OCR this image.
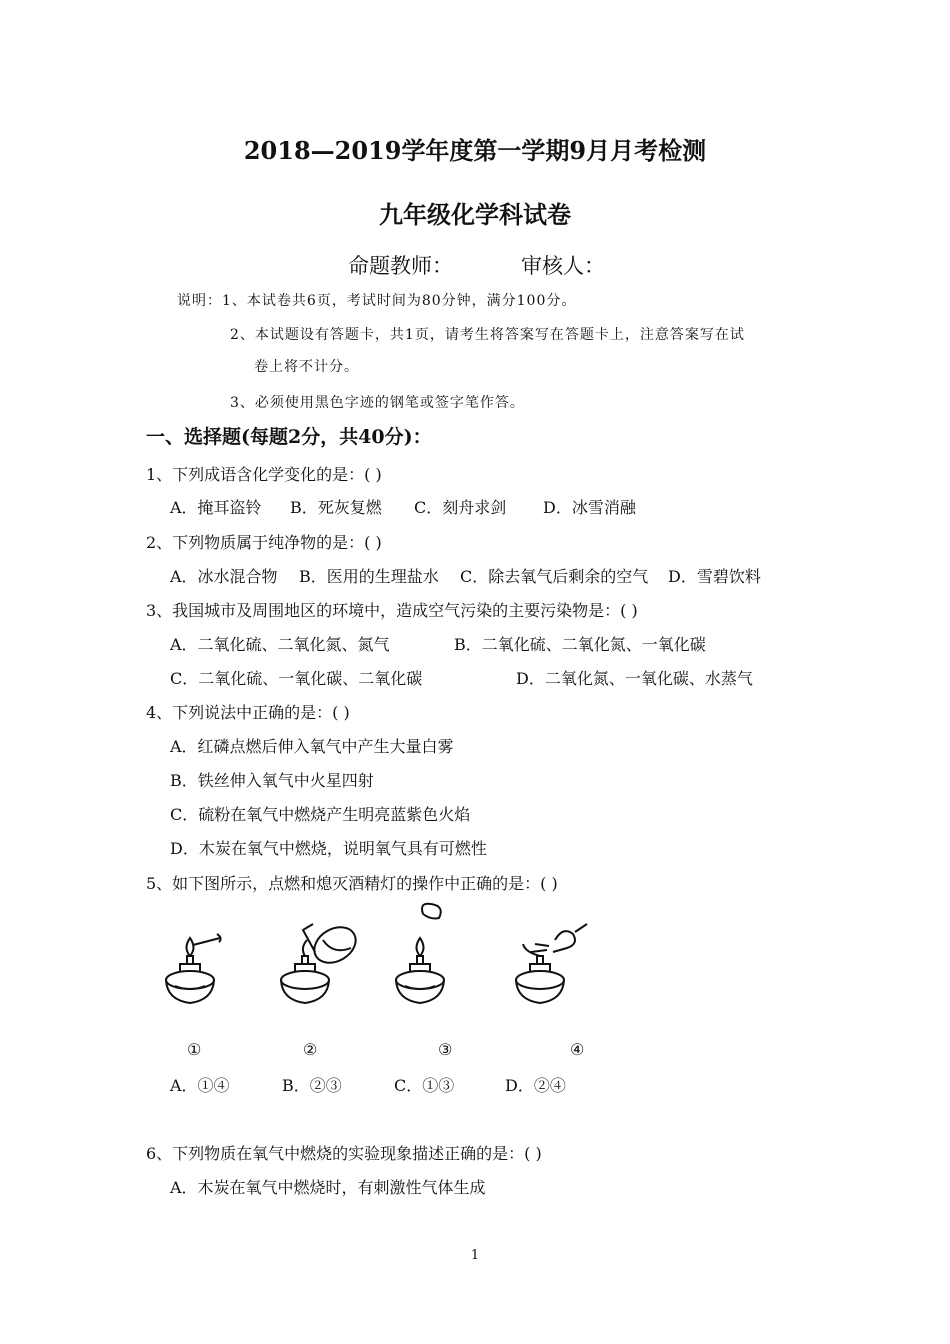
2018—2019学年度第一学期9月月考检测
九年级化学科试卷
命题教师：	审核人：
说明：1、本试卷共6页，考试时间为80分钟，满分100分。
2、本试题设有答题卡，共1页，请考生将答案写在答题卡上，注意答案写在试
卷上将不计分。
3、必须使用黑色字迹的钢笔或签字笔作答。
一、选择题(每题2分，共40分)：
1、下列成语含化学变化的是：( )
A．掩耳盗铃 B．死灰复燃 C．刻舟求剑 D．冰雪消融
2、下列物质属于纯净物的是：( )
A．冰水混合物 B．医用的生理盐水 C．除去氧气后剩余的空气 D．雪碧饮料
3、我国城市及周围地区的环境中，造成空气污染的主要污染物是：( )
A．二氧化硫、二氧化氮、氮气	B．二氧化硫、二氧化氮、一氧化碳
C．二氧化硫、一氧化碳、二氧化碳	D．二氧化氮、一氧化碳、水蒸气
4、下列说法中正确的是：( )
A．红磷点燃后伸入氧气中产生大量白雾
B．铁丝伸入氧气中火星四射
C．硫粉在氧气中燃烧产生明亮蓝紫色火焰
D．木炭在氧气中燃烧，说明氧气具有可燃性
5、如下图所示，点燃和熄灭酒精灯的操作中正确的是：( )
①	②	③	④
A．①④	B．②③	C．①③	D．②④
6、下列物质在氧气中燃烧的实验现象描述正确的是：( )
A．木炭在氧气中燃烧时，有刺激性气体生成
1
